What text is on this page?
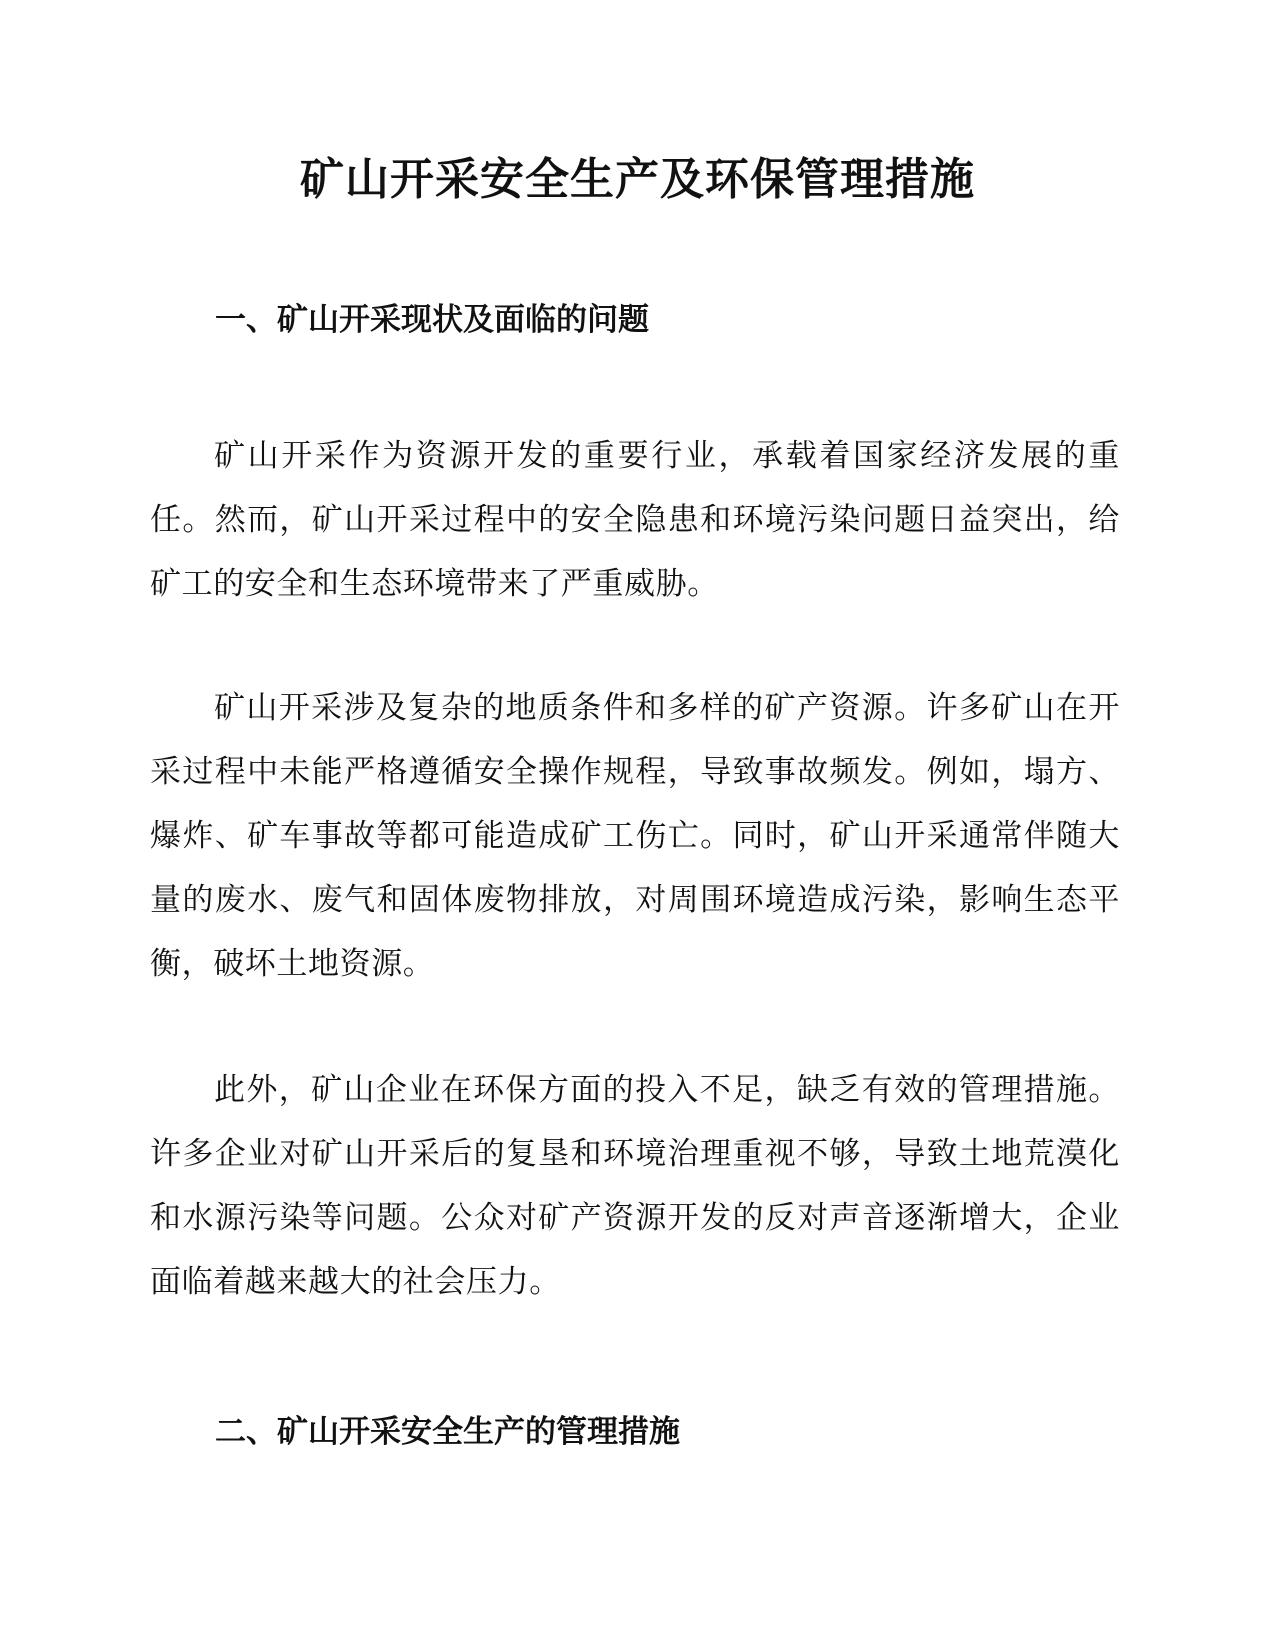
矿山开采安全生产及环保管理措施
一、矿山开采现状及面临的问题

矿山开采作为资源开发的重要行业，承载着国家经济发展的重任。然而，矿山开采过程中的安全隐患和环境污染问题日益突出，给矿工的安全和生态环境带来了严重威胁。

矿山开采涉及复杂的地质条件和多样的矿产资源。许多矿山在开采过程中未能严格遵循安全操作规程，导致事故频发。例如，塌方、爆炸、矿车事故等都可能造成矿工伤亡。同时，矿山开采通常伴随大量的废水、废气和固体废物排放，对周围环境造成污染，影响生态平衡，破坏土地资源。

此外，矿山企业在环保方面的投入不足，缺乏有效的管理措施。许多企业对矿山开采后的复垦和环境治理重视不够，导致土地荒漠化和水源污染等问题。公众对矿产资源开发的反对声音逐渐增大，企业面临着越来越大的社会压力。

二、矿山开采安全生产的管理措施
